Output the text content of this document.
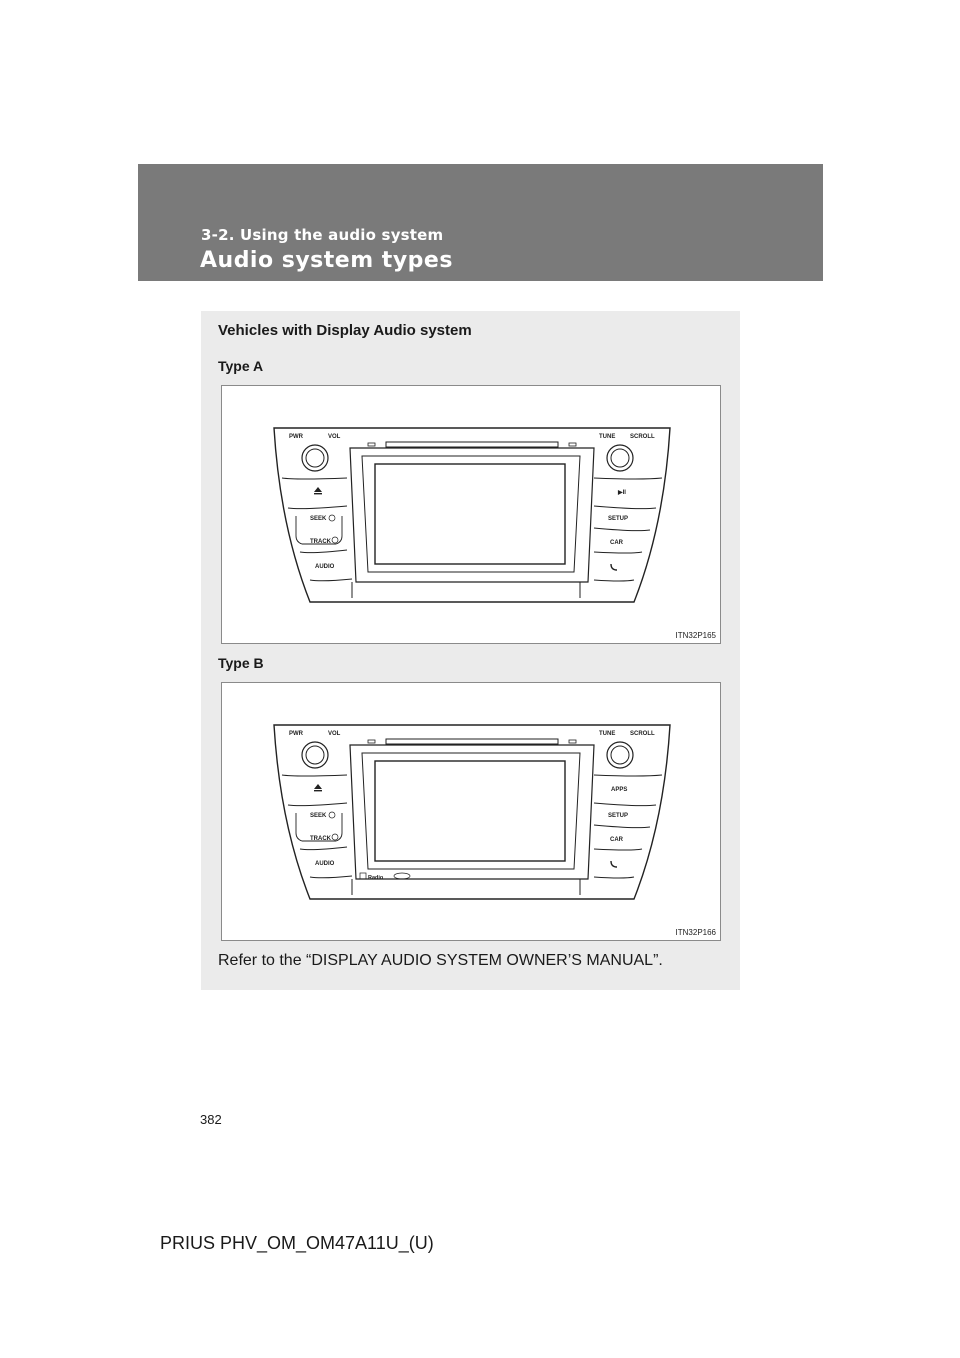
3-2. Using the audio system
Audio system types
Vehicles with Display Audio system
Type A
PWR	VOL	TUNE SCROLL
SEEK
TRACK
AUDIO
▶II
SETUP
CAR
ITN32P165
Type B
PWR	VOL	TUNE SCROLL
SEEK
TRACK
AUDIO
APPS
SETUP
CAR
Radio
ITN32P166
Refer to the “DISPLAY AUDIO SYSTEM OWNER’S MANUAL”.
382
PRIUS PHV_OM_OM47A11U_(U)
